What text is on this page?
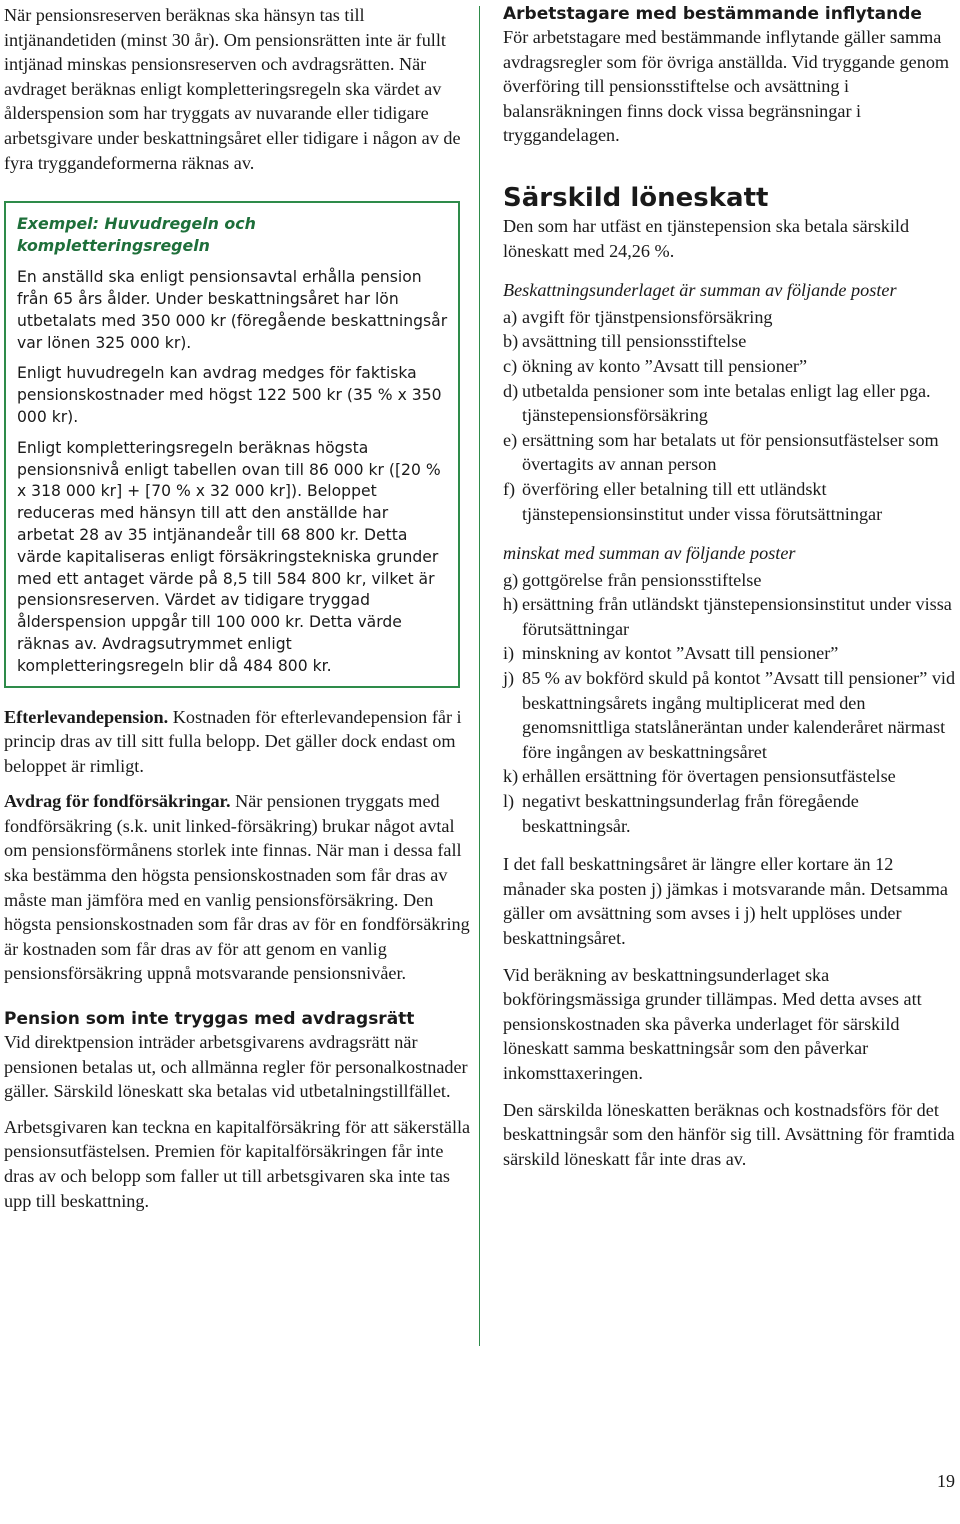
När pensionsreserven beräknas ska hänsyn tas till intjänandetiden (minst 30 år). Om pensionsrätten inte är fullt intjänad minskas pensionsreserven och avdragsrätten. När avdraget beräknas enligt kompletteringsregeln ska värdet av ålderspension som har tryggats av nuvarande eller tidigare arbetsgivare under beskattningsåret eller tidigare i någon av de fyra tryggandeformerna räknas av.

Exempel: Huvudregeln och kompletteringsregeln

En anställd ska enligt pensionsavtal erhålla pension från 65 års ålder. Under beskattningsåret har lön utbetalats med 350 000 kr (föregående beskattningsår var lönen 325 000 kr).

Enligt huvudregeln kan avdrag medges för faktiska pensionskostnader med högst 122 500 kr (35 % x 350 000 kr).

Enligt kompletteringsregeln beräknas högsta pensionsnivå enligt tabellen ovan till 86 000 kr ([20 % x 318 000 kr] + [70 % x 32 000 kr]). Beloppet reduceras med hänsyn till att den anställde har arbetat 28 av 35 intjänandeår till 68 800 kr. Detta värde kapitaliseras enligt försäkringstekniska grunder med ett antaget värde på 8,5 till 584 800 kr, vilket är pensionsreserven. Värdet av tidigare tryggad ålderspension uppgår till 100 000 kr. Detta värde räknas av. Avdragsutrymmet enligt kompletteringsregeln blir då 484 800 kr.

Efterlevandepension. Kostnaden för efterlevandepension får i princip dras av till sitt fulla belopp. Det gäller dock endast om beloppet är rimligt.

Avdrag för fondförsäkringar. När pensionen tryggats med fondförsäkring (s.k. unit linked-försäkring) brukar något avtal om pensionsförmånens storlek inte finnas. När man i dessa fall ska bestämma den högsta pensionskostnaden som får dras av måste man jämföra med en vanlig pensionsförsäkring. Den högsta pensionskostnaden som får dras av för en fondförsäkring är kostnaden som får dras av för att genom en vanlig pensionsförsäkring uppnå motsvarande pensionsnivåer.

Pension som inte tryggas med avdragsrätt

Vid direktpension inträder arbetsgivarens avdragsrätt när pensionen betalas ut, och allmänna regler för personalkostnader gäller. Särskild löneskatt ska betalas vid utbetalningstillfället.

Arbetsgivaren kan teckna en kapitalförsäkring för att säkerställa pensionsutfästelsen. Premien för kapitalförsäkringen får inte dras av och belopp som faller ut till arbetsgivaren ska inte tas upp till beskattning.

Arbetstagare med bestämmande inflytande

För arbetstagare med bestämmande inflytande gäller samma avdragsregler som för övriga anställda. Vid tryggande genom överföring till pensionsstiftelse och avsättning i balansräkningen finns dock vissa begränsningar i tryggandelagen.

Särskild löneskatt

Den som har utfäst en tjänstepension ska betala särskild löneskatt med 24,26 %.

Beskattningsunderlaget är summan av följande poster

a) avgift för tjänstpensionsförsäkring
b) avsättning till pensionsstiftelse
c) ökning av konto ”Avsatt till pensioner”
d) utbetalda pensioner som inte betalas enligt lag eller pga. tjänstepensionsförsäkring
e) ersättning som har betalats ut för pensionsutfästelser som övertagits av annan person
f) överföring eller betalning till ett utländskt tjänstepensionsinstitut under vissa förutsättningar

minskat med summan av följande poster

g) gottgörelse från pensionsstiftelse
h) ersättning från utländskt tjänstepensionsinstitut under vissa förutsättningar
i) minskning av kontot ”Avsatt till pensioner”
j) 85 % av bokförd skuld på kontot ”Avsatt till pensioner” vid beskattningsårets ingång multiplicerat med den genomsnittliga statslåneräntan under kalenderåret närmast före ingången av beskattningsåret
k) erhållen ersättning för övertagen pensionsutfästelse
l) negativt beskattningsunderlag från föregående beskattningsår.

I det fall beskattningsåret är längre eller kortare än 12 månader ska posten j) jämkas i motsvarande mån. Detsamma gäller om avsättning som avses i j) helt upplöses under beskattningsåret.

Vid beräkning av beskattningsunderlaget ska bokföringsmässiga grunder tillämpas. Med detta avses att pensionskostnaden ska påverka underlaget för särskild löneskatt samma beskattningsår som den påverkar inkomsttaxeringen.

Den särskilda löneskatten beräknas och kostnadsförs för det beskattningsår som den hänför sig till. Avsättning för framtida särskild löneskatt får inte dras av.

19
